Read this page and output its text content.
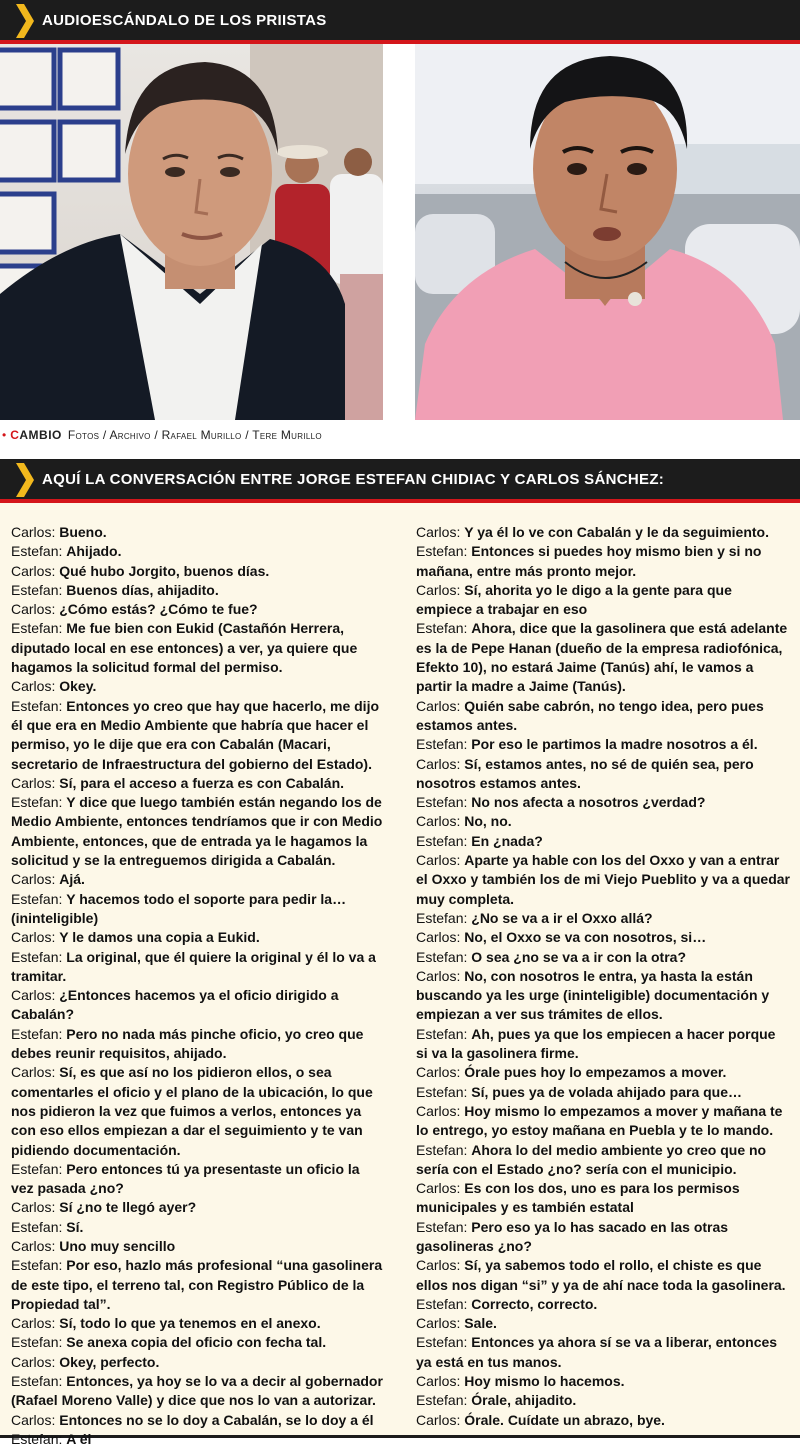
AUDIOESCÁNDALO DE LOS PRIISTAS
• CAMBIO Fotos / Archivo / Rafael Murillo / Tere Murillo
AQUÍ LA CONVERSACIÓN ENTRE JORGE ESTEFAN CHIDIAC Y CARLOS SÁNCHEZ:

Carlos: Bueno.

Estefan: Ahijado.

Carlos: Qué hubo Jorgito, buenos días.

Estefan: Buenos días, ahijadito.

Carlos: ¿Cómo estás? ¿Cómo te fue?

Estefan: Me fue bien con Eukid (Castañón Herrera, diputado local en ese entonces) a ver, ya quiere que hagamos la solicitud formal del permiso.

Carlos: Okey.

Estefan: Entonces yo creo que hay que hacerlo, me dijo él que era en Medio Ambiente que habría que hacer el permiso, yo le dije que era con Cabalán (Macari, secretario de Infraestructura del gobierno del Estado).

Carlos: Sí, para el acceso a fuerza es con Cabalán.

Estefan: Y dice que luego también están negando los de Medio Ambiente, entonces tendríamos que ir con Medio Ambiente, entonces, que de entrada ya le hagamos la solicitud y se la entreguemos dirigida a Cabalán.

Carlos: Ajá.

Estefan: Y hacemos todo el soporte para pedir la… (ininteligible)

Carlos: Y le damos una copia a Eukid.

Estefan: La original, que él quiere la original y él lo va a tramitar.

Carlos: ¿Entonces hacemos ya el oficio dirigido a Cabalán?

Estefan: Pero no nada más pinche oficio, yo creo que debes reunir requisitos, ahijado.

Carlos: Sí, es que así no los pidieron ellos, o sea comentarles el oficio y el plano de la ubicación, lo que nos pidieron la vez que fuimos a verlos, entonces ya con eso ellos empiezan a dar el seguimiento y te van pidiendo documentación.

Estefan: Pero entonces tú ya presentaste un oficio la vez pasada ¿no?

Carlos: Sí ¿no te llegó ayer?

Estefan: Sí.

Carlos: Uno muy sencillo

Estefan: Por eso, hazlo más profesional “una gasolinera de este tipo, el terreno tal, con Registro Público de la Propiedad tal”.

Carlos: Sí, todo lo que ya tenemos en el anexo.

Estefan: Se anexa copia del oficio con fecha tal.

Carlos: Okey, perfecto.

Estefan: Entonces, ya hoy se lo va a decir al gobernador (Rafael Moreno Valle) y dice que nos lo van a autorizar.

Carlos: Entonces no se lo doy a Cabalán, se lo doy a él

Estefan: A él

Carlos: Y ya él lo ve con Cabalán y le da seguimiento.

Estefan: Entonces si puedes hoy mismo bien y si no mañana, entre más pronto mejor.

Carlos: Sí, ahorita yo le digo a la gente para que empiece a trabajar en eso

Estefan: Ahora, dice que la gasolinera que está adelante es la de Pepe Hanan (dueño de la empresa radiofónica, Efekto 10), no estará Jaime (Tanús) ahí, le vamos a partir la madre a Jaime (Tanús).

Carlos: Quién sabe cabrón, no tengo idea, pero pues estamos antes.

Estefan: Por eso le partimos la madre nosotros a él.

Carlos: Sí, estamos antes, no sé de quién sea, pero nosotros estamos antes.

Estefan: No nos afecta a nosotros ¿verdad?

Carlos: No, no.

Estefan: En ¿nada?

Carlos: Aparte ya hable con los del Oxxo y van a entrar el Oxxo y también los de mi Viejo Pueblito y va a quedar muy completa.

Estefan: ¿No se va a ir el Oxxo allá?

Carlos: No, el Oxxo se va con nosotros, si…

Estefan: O sea ¿no se va a ir con la otra?

Carlos: No, con nosotros le entra, ya hasta la están buscando ya les urge (ininteligible) documentación y empiezan a ver sus trámites de ellos.

Estefan: Ah, pues ya que los empiecen a hacer porque si va la gasolinera firme.

Carlos: Órale pues hoy lo empezamos a mover.

Estefan: Sí, pues ya de volada ahijado para que…

Carlos: Hoy mismo lo empezamos a mover y mañana te lo entrego, yo estoy mañana en Puebla y te lo mando.

Estefan: Ahora lo del medio ambiente yo creo que no sería con el Estado ¿no? sería con el municipio.

Carlos: Es con los dos, uno es para los permisos municipales y es también estatal

Estefan: Pero eso ya lo has sacado en las otras gasolineras ¿no?

Carlos: Sí, ya sabemos todo el rollo, el chiste es que ellos nos digan “si” y ya de ahí nace toda la gasolinera.

Estefan: Correcto, correcto.

Carlos: Sale.

Estefan: Entonces ya ahora sí se va a liberar, entonces ya está en tus manos.

Carlos: Hoy mismo lo hacemos.

Estefan: Órale, ahijadito.

Carlos: Órale. Cuídate un abrazo, bye.
